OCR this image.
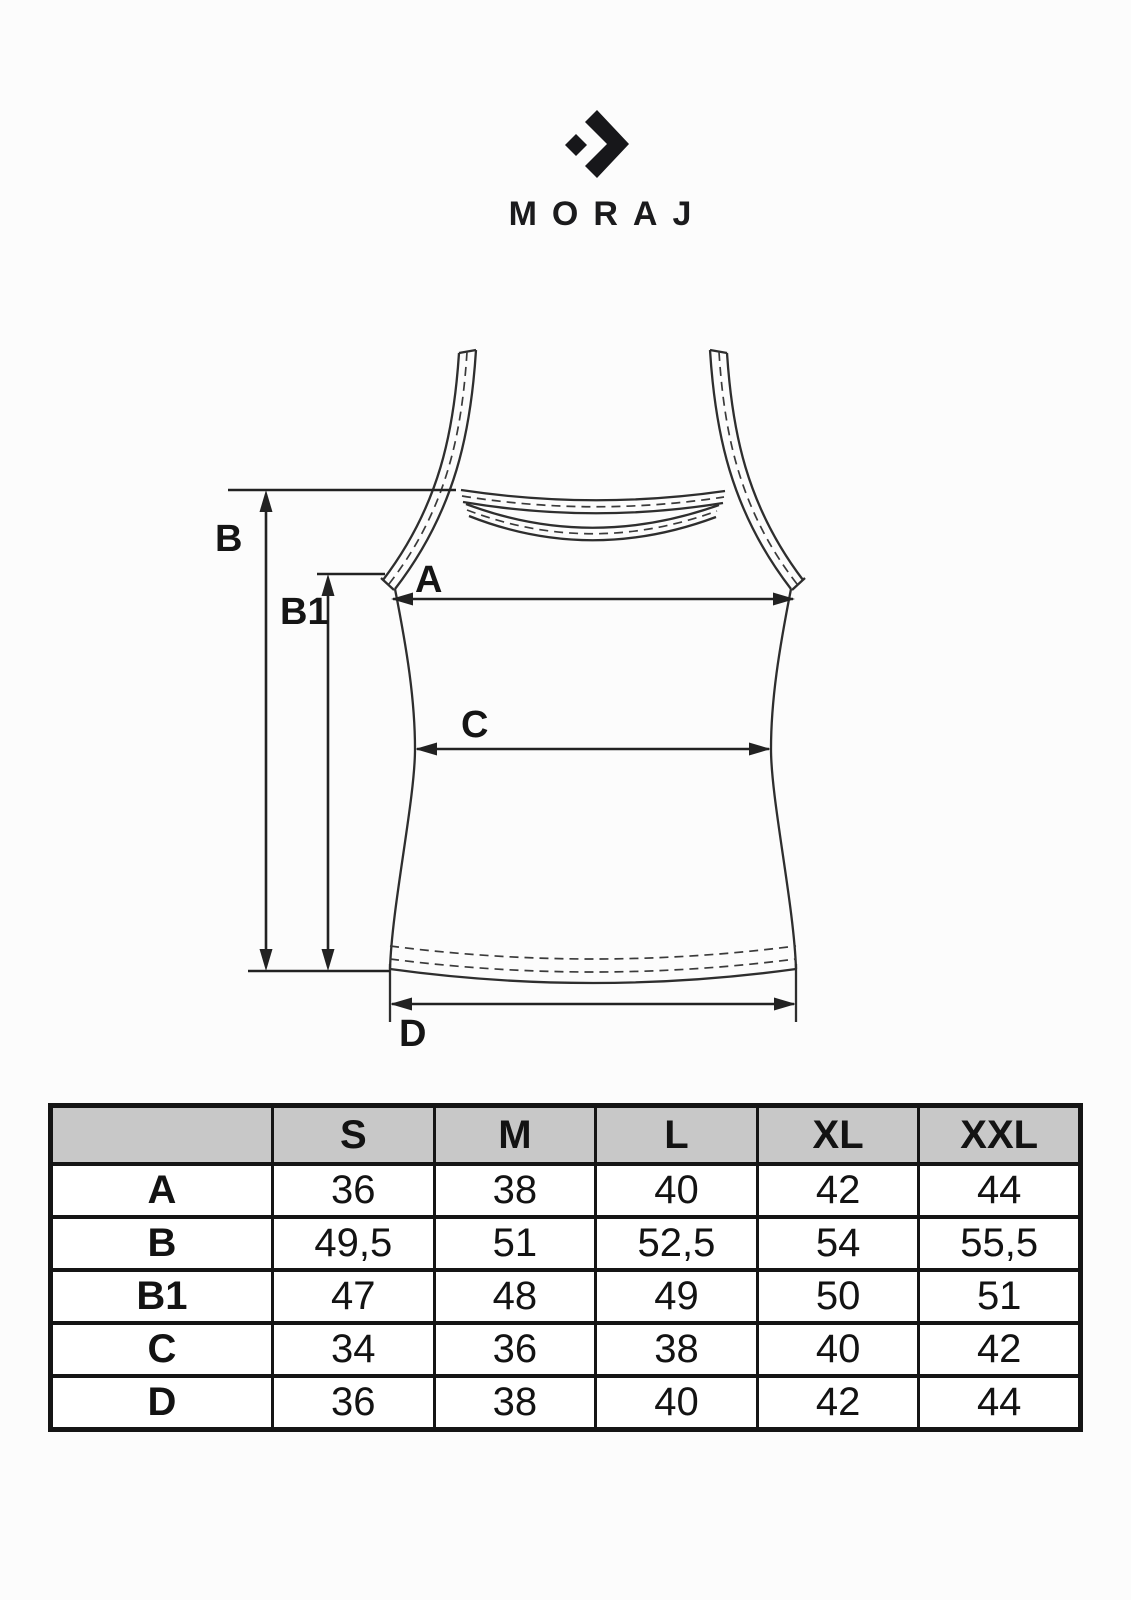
MORAJ
B
B1
A
C
D
	S	M	L	XL	XXL
A	36	38	40	42	44
B	49,5	51	52,5	54	55,5
B1	47	48	49	50	51
C	34	36	38	40	42
D	36	38	40	42	44
